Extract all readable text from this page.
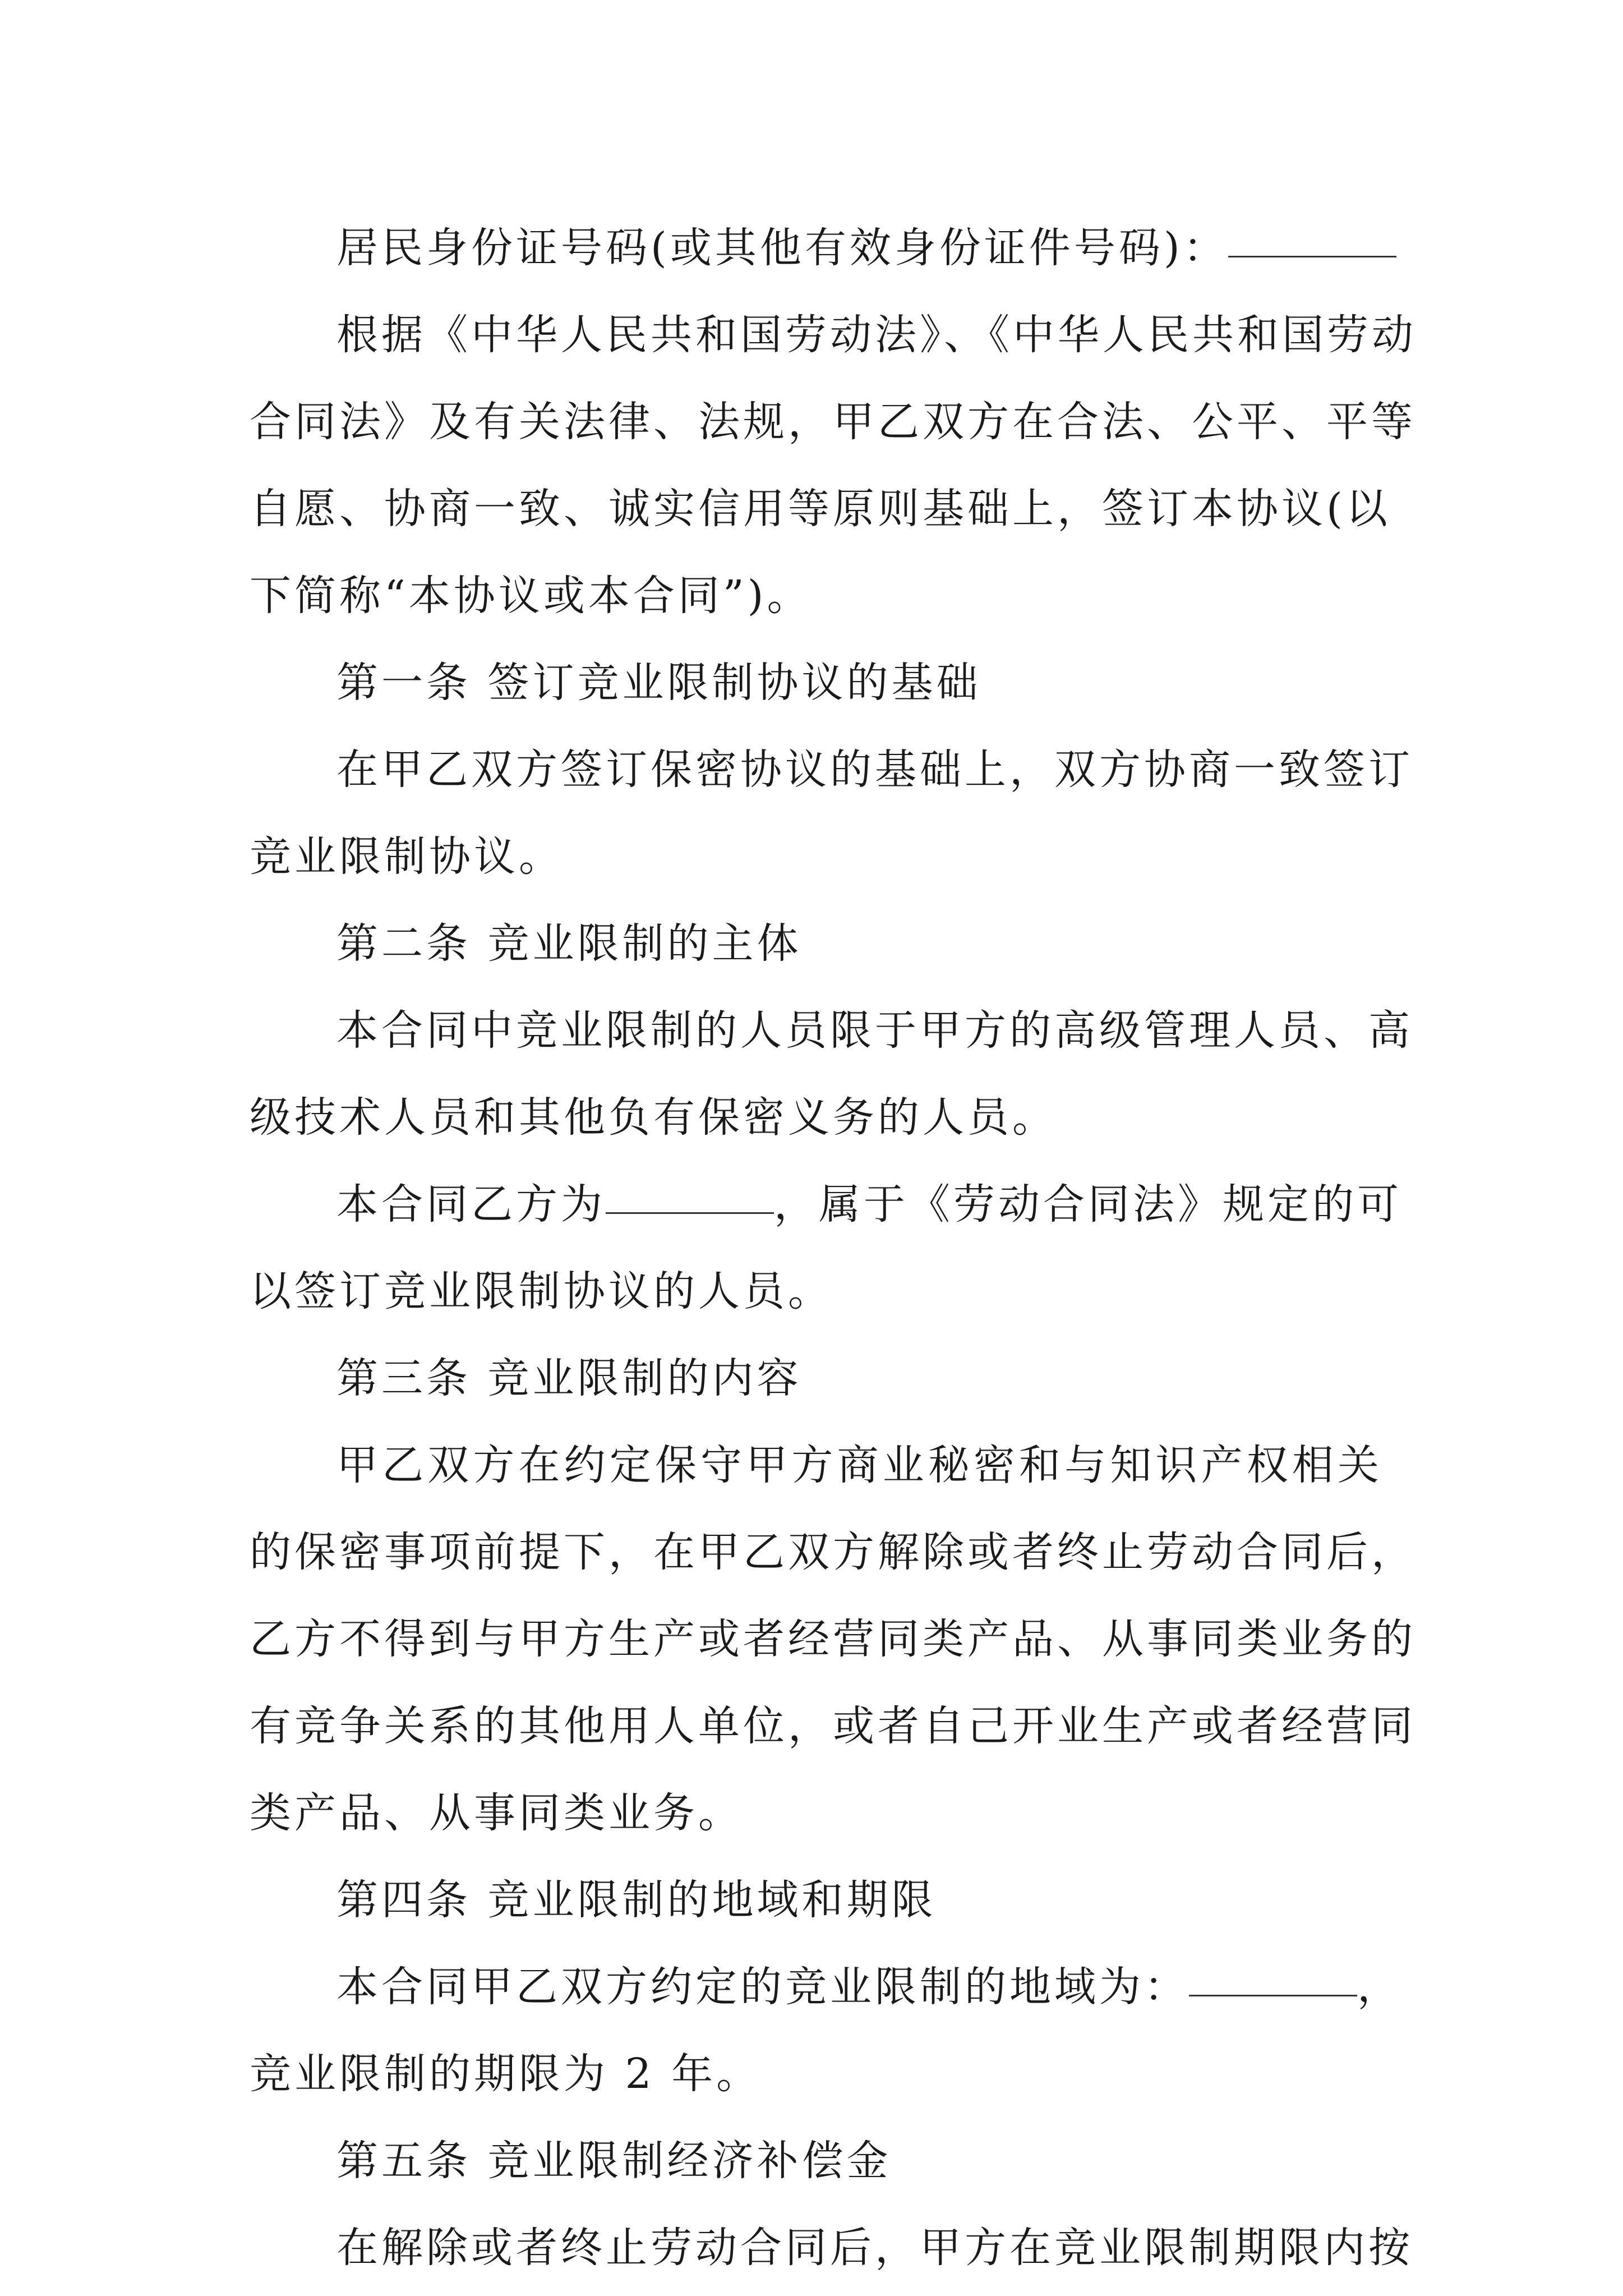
居民身份证号码(或其他有效身份证件号码)：
根据《中华人民共和国劳动法》、《中华人民共和国劳动
合同法》及有关法律、法规，甲乙双方在合法、公平、平等
自愿、协商一致、诚实信用等原则基础上，签订本协议(以
下简称“本协议或本合同”)。
第一条 签订竞业限制协议的基础
在甲乙双方签订保密协议的基础上，双方协商一致签订
竞业限制协议。
第二条 竞业限制的主体
本合同中竞业限制的人员限于甲方的高级管理人员、高
级技术人员和其他负有保密义务的人员。
本合同乙方为	，属于《劳动合同法》规定的可
以签订竞业限制协议的人员。
第三条 竞业限制的内容
甲乙双方在约定保守甲方商业秘密和与知识产权相关
的保密事项前提下，在甲乙双方解除或者终止劳动合同后，
乙方不得到与甲方生产或者经营同类产品、从事同类业务的
有竞争关系的其他用人单位，或者自己开业生产或者经营同
类产品、从事同类业务。
第四条 竞业限制的地域和期限
本合同甲乙双方约定的竞业限制的地域为：	，
竞业限制的期限为 2 年。
第五条 竞业限制经济补偿金
在解除或者终止劳动合同后，甲方在竞业限制期限内按
